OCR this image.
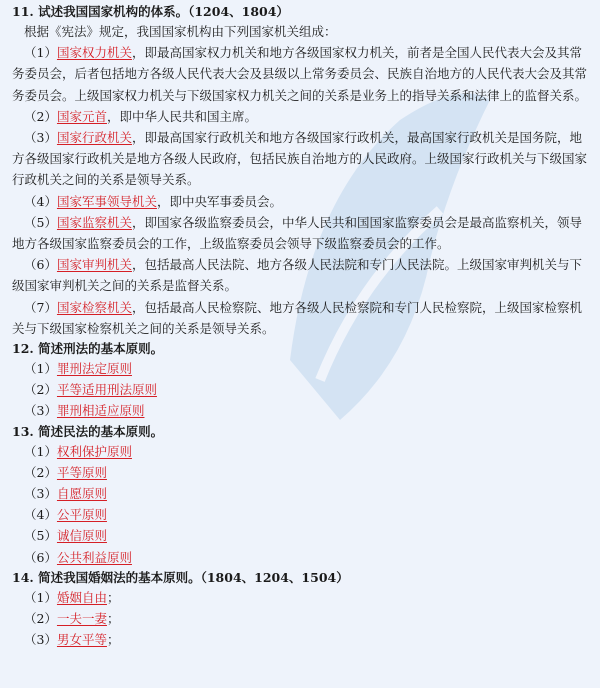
11. 试述我国国家机构的体系。（1204、1804）

根据《宪法》规定，我国国家机构由下列国家机关组成：

（1）国家权力机关，即最高国家权力机关和地方各级国家权力机关，前者是全国人民代表大会及其常务委员会，后者包括地方各级人民代表大会及县级以上常务委员会、民族自治地方的人民代表大会及其常务委员会。上级国家权力机关与下级国家权力机关之间的关系是业务上的指导关系和法律上的监督关系。

（2）国家元首，即中华人民共和国主席。

（3）国家行政机关，即最高国家行政机关和地方各级国家行政机关，最高国家行政机关是国务院，地方各级国家行政机关是地方各级人民政府，包括民族自治地方的人民政府。上级国家行政机关与下级国家行政机关之间的关系是领导关系。

（4）国家军事领导机关，即中央军事委员会。

（5）国家监察机关，即国家各级监察委员会，中华人民共和国国家监察委员会是最高监察机关，领导地方各级国家监察委员会的工作，上级监察委员会领导下级监察委员会的工作。

（6）国家审判机关，包括最高人民法院、地方各级人民法院和专门人民法院。上级国家审判机关与下级国家审判机关之间的关系是监督关系。

（7）国家检察机关，包括最高人民检察院、地方各级人民检察院和专门人民检察院，上级国家检察机关与下级国家检察机关之间的关系是领导关系。

12. 简述刑法的基本原则。

（1）罪刑法定原则

（2）平等适用刑法原则

（3）罪刑相适应原则

13. 简述民法的基本原则。

（1）权利保护原则

（2）平等原则

（3）自愿原则

（4）公平原则

（5）诚信原则

（6）公共利益原则

14. 简述我国婚姻法的基本原则。（1804、1204、1504）

（1）婚姻自由；

（2）一夫一妻；

（3）男女平等；
